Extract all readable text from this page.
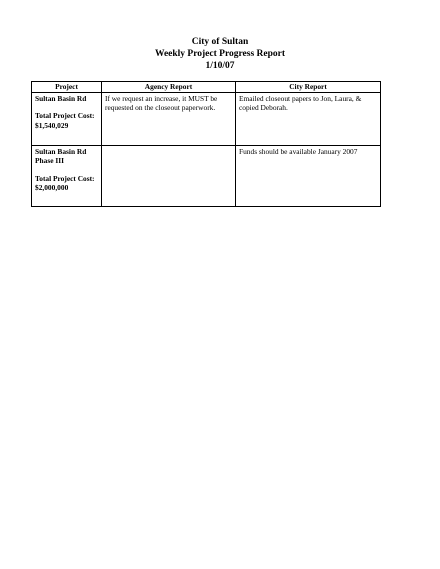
City of Sultan
Weekly Project Progress Report
1/10/07
Project	Agency Report	City Report

Sultan Basin Rd
Total Project Cost:
$1,540,029	If we request an increase, it MUST be requested on the closeout paperwork.	Emailed closeout papers to Jon, Laura, & copied Deborah.

Sultan Basin Rd Phase III
Total Project Cost:
$2,000,000		Funds should be available January 2007
